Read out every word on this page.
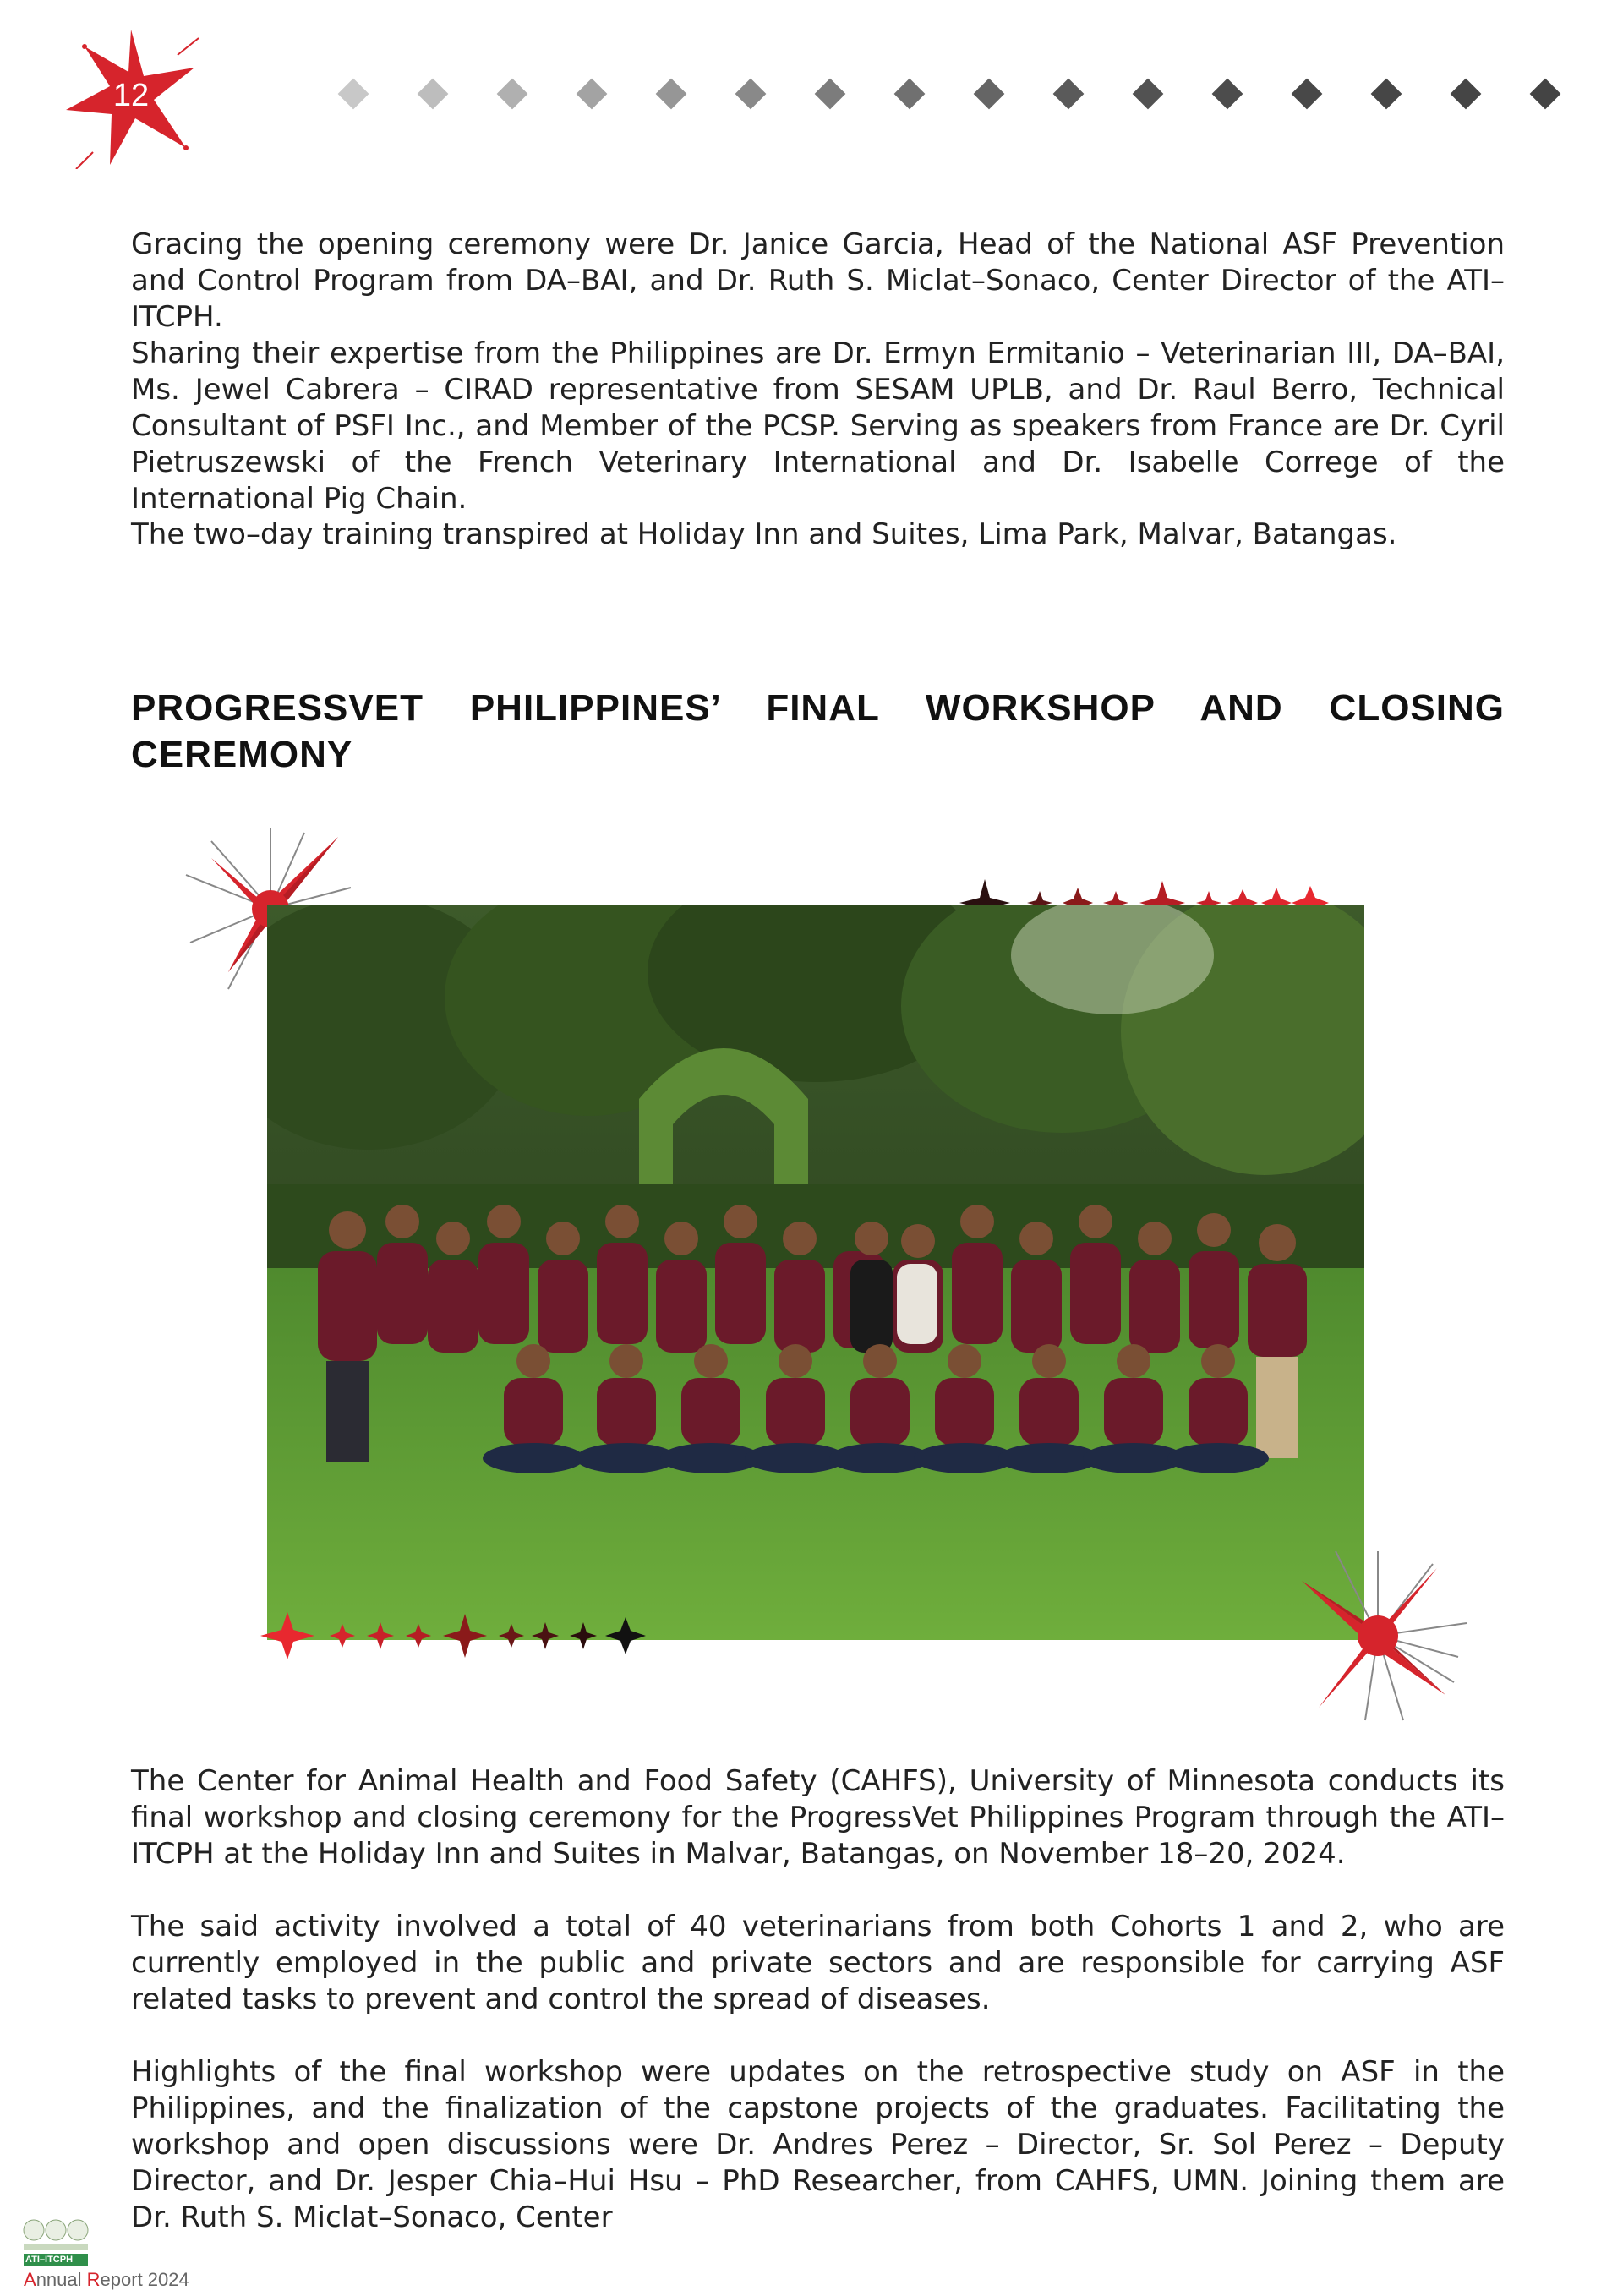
12

Gracing the opening ceremony were Dr. Janice Garcia, Head of the National ASF Prevention and Control Program from DA–BAI, and Dr. Ruth S. Miclat–Sonaco, Center Director of the ATI–ITCPH.

Sharing their expertise from the Philippines are Dr. Ermyn Ermitanio – Veterinarian III, DA–BAI, Ms. Jewel Cabrera – CIRAD representative from SESAM UPLB, and Dr. Raul Berro, Technical Consultant of PSFI Inc., and Member of the PCSP. Serving as speakers from France are Dr. Cyril Pietruszewski of the French Veterinary International and Dr. Isabelle Correge of the International Pig Chain.

The two–day training transpired at Holiday Inn and Suites, Lima Park, Malvar, Batangas.

PROGRESSVET PHILIPPINES’ FINAL WORKSHOP AND CLOSING CEREMONY

The Center for Animal Health and Food Safety (CAHFS), University of Minnesota conducts its final workshop and closing ceremony for the ProgressVet Philippines Program through the ATI–ITCPH at the Holiday Inn and Suites in Malvar, Batangas, on November 18–20, 2024.

The said activity involved a total of 40 veterinarians from both Cohorts 1 and 2, who are currently employed in the public and private sectors and are responsible for carrying ASF related tasks to prevent and control the spread of diseases.

Highlights of the final workshop were updates on the retrospective study on ASF in the Philippines, and the finalization of the capstone projects of the graduates. Facilitating the workshop and open discussions were Dr. Andres Perez – Director, Sr. Sol Perez – Deputy Director, and Dr. Jesper Chia–Hui Hsu – PhD Researcher, from CAHFS, UMN. Joining them are Dr. Ruth S. Miclat–Sonaco, Center

ATI–ITCPH
Annual Report 2024
